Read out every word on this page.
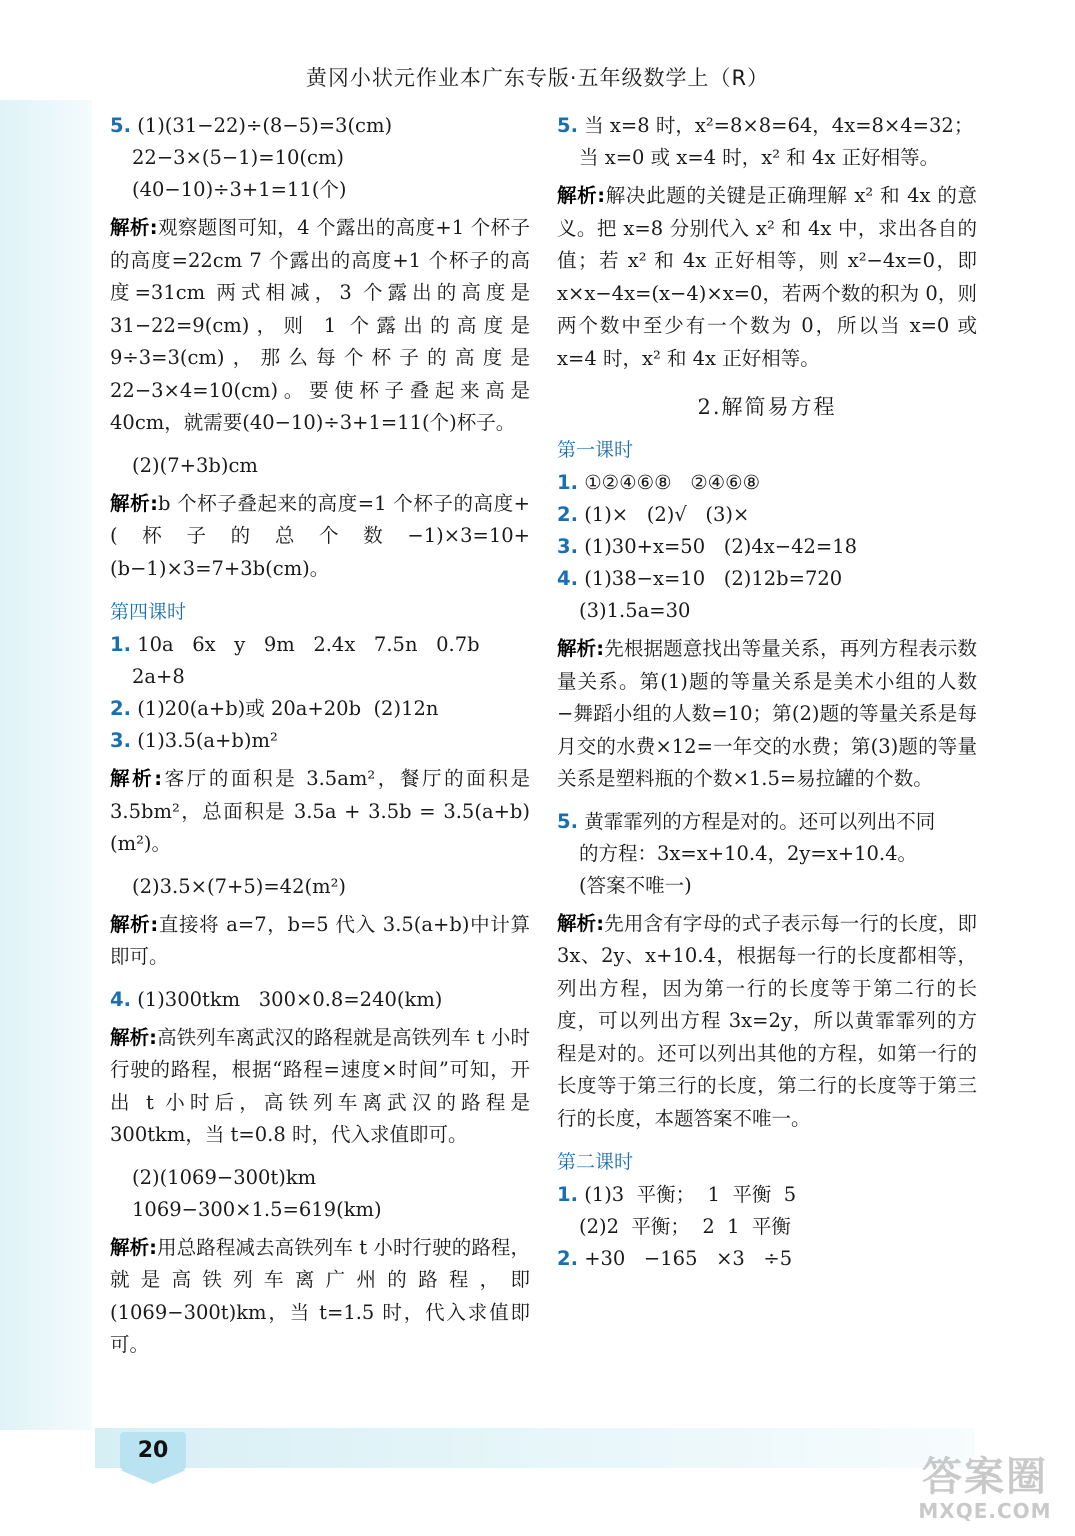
黄冈小状元作业本广东专版·五年级数学上（R）
5. (1)(31−22)÷(8−5)=3(cm)
22−3×(5−1)=10(cm)
(40−10)÷3+1=11(个)
解析:观察题图可知，4 个露出的高度+1 个杯子的高度=22cm 7 个露出的高度+1 个杯子的高度=31cm 两式相减，3 个露出的高度是 31−22=9(cm)，则 1 个露出的高度是 9÷3=3(cm)，那么每个杯子的高度是 22−3×4=10(cm)。要使杯子叠起来高是 40cm，就需要(40−10)÷3+1=11(个)杯子。
(2)(7+3b)cm
解析:b 个杯子叠起来的高度=1 个杯子的高度+(杯子的总个数−1)×3=10+(b−1)×3=7+3b(cm)。
第四课时
1. 10a   6x   y   9m   2.4x   7.5n   0.7b
2a+8
2. (1)20(a+b)或 20a+20b  (2)12n
3. (1)3.5(a+b)m²
解析:客厅的面积是 3.5am²，餐厅的面积是 3.5bm²，总面积是 3.5a + 3.5b = 3.5(a+b)(m²)。
(2)3.5×(7+5)=42(m²)
解析:直接将 a=7，b=5 代入 3.5(a+b)中计算即可。
4. (1)300tkm   300×0.8=240(km)
解析:高铁列车离武汉的路程就是高铁列车 t 小时行驶的路程，根据“路程=速度×时间”可知，开出 t 小时后，高铁列车离武汉的路程是 300tkm，当 t=0.8 时，代入求值即可。
(2)(1069−300t)km
1069−300×1.5=619(km)
解析:用总路程减去高铁列车 t 小时行驶的路程，就是高铁列车离广州的路程，即(1069−300t)km，当 t=1.5 时，代入求值即可。
5. 当 x=8 时，x²=8×8=64，4x=8×4=32；
当 x=0 或 x=4 时，x² 和 4x 正好相等。
解析:解决此题的关键是正确理解 x² 和 4x 的意义。把 x=8 分别代入 x² 和 4x 中，求出各自的值；若 x² 和 4x 正好相等，则 x²−4x=0，即 x×x−4x=(x−4)×x=0，若两个数的积为 0，则两个数中至少有一个数为 0，所以当 x=0 或 x=4 时，x² 和 4x 正好相等。
2.解简易方程
第一课时
1. ①②④⑥⑧   ②④⑥⑧
2. (1)×   (2)√   (3)×
3. (1)30+x=50   (2)4x−42=18
4. (1)38−x=10   (2)12b=720
(3)1.5a=30
解析:先根据题意找出等量关系，再列方程表示数量关系。第(1)题的等量关系是美术小组的人数−舞蹈小组的人数=10；第(2)题的等量关系是每月交的水费×12=一年交的水费；第(3)题的等量关系是塑料瓶的个数×1.5=易拉罐的个数。
5. 黄霏霏列的方程是对的。还可以列出不同
的方程：3x=x+10.4，2y=x+10.4。
(答案不唯一)
解析:先用含有字母的式子表示每一行的长度，即 3x、2y、x+10.4，根据每一行的长度都相等，列出方程，因为第一行的长度等于第二行的长度，可以列出方程 3x=2y，所以黄霏霏列的方程是对的。还可以列出其他的方程，如第一行的长度等于第三行的长度，第二行的长度等于第三行的长度，本题答案不唯一。
第二课时
1. (1)3  平衡；  1  平衡  5
(2)2  平衡；  2  1  平衡
2. +30   −165   ×3   ÷5
20
答案圈
MXQE.COM
